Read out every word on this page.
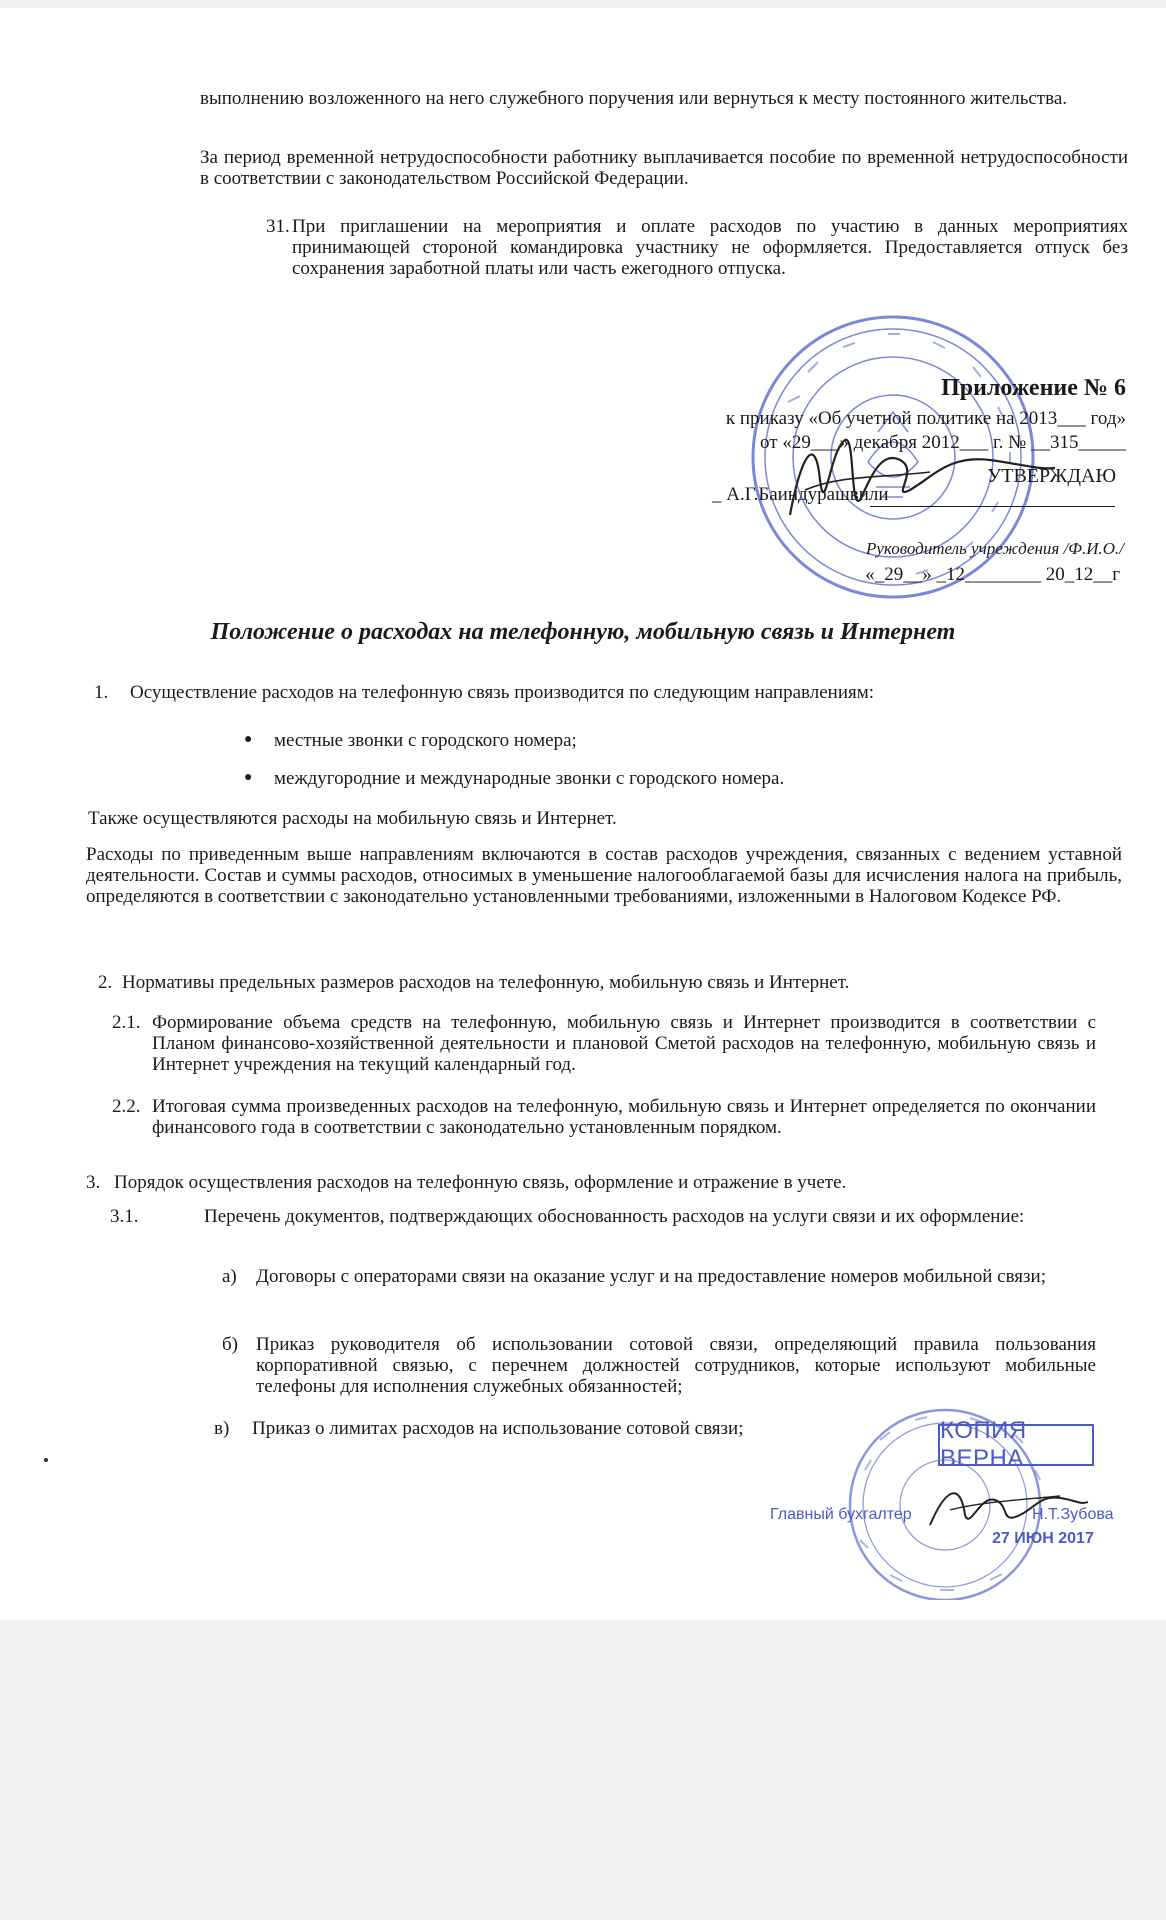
выполнению возложенного на него служебного поручения или вернуться к месту постоянного жительства.
За период временной нетрудоспособности работнику выплачивается пособие по временной нетрудоспособности в соответствии с законодательством Российской Федерации.
31. При приглашении на мероприятия и оплате расходов по участию в данных мероприятиях принимающей стороной командировка участнику не оформляется. Предоставляется отпуск без сохранения заработной платы или часть ежегодного отпуска.
Приложение № 6
к приказу «Об учетной политике на 2013___ год»
от «29___» декабря 2012___ г. № __315_____
УТВЕРЖДАЮ
_ А.Г.Баиндурашвили
Руководитель учреждения /Ф.И.О./
«_29__» _12________ 20_12__г
Положение о расходах на телефонную, мобильную связь и Интернет
1. Осуществление расходов на телефонную связь производится по следующим направлениям:
● местные звонки с городского номера;
● междугородние и международные звонки с городского номера.
Также осуществляются расходы на мобильную связь и Интернет.
Расходы по приведенным выше направлениям включаются в состав расходов учреждения, связанных с ведением уставной деятельности. Состав и суммы расходов, относимых в уменьшение налогооблагаемой базы для исчисления налога на прибыль, определяются в соответствии с законодательно установленными требованиями, изложенными в Налоговом Кодексе РФ.
2. Нормативы предельных размеров расходов на телефонную, мобильную связь и Интернет.
2.1. Формирование объема средств на телефонную, мобильную связь и Интернет производится в соответствии с Планом финансово-хозяйственной деятельности и плановой Сметой расходов на телефонную, мобильную связь и Интернет учреждения на текущий календарный год.
2.2. Итоговая сумма произведенных расходов на телефонную, мобильную связь и Интернет определяется по окончании финансового года в соответствии с законодательно установленным порядком.
3. Порядок осуществления расходов на телефонную связь, оформление и отражение в учете.
3.1.	Перечень документов, подтверждающих обоснованность расходов на услуги связи и их оформление:
а) Договоры с операторами связи на оказание услуг и на предоставление номеров мобильной связи;
б) Приказ руководителя об использовании сотовой связи, определяющий правила пользования корпоративной связью, с перечнем должностей сотрудников, которые используют мобильные телефоны для исполнения служебных обязанностей;
в) Приказ о лимитах расходов на использование сотовой связи;	КОПИЯ ВЕРНА
Главный бухгалтер	Н.Т.Зубова
27 ИЮН 2017
